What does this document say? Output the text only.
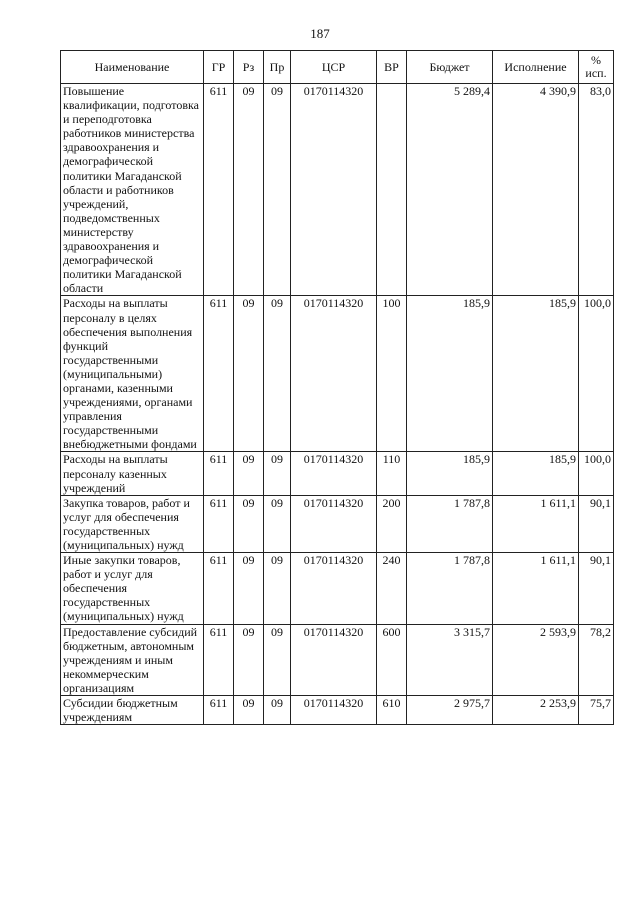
187
Наименование	ГР	Рз	Пр	ЦСР	ВР	Бюджет	Исполнение	%
исп.
Повышение квалификации, подготовка и переподготовка работников министерства здравоохранения и демографической политики Магаданской области и работников учреждений, подведомственных министерству здравоохранения и демографической политики Магаданской области	611	09	09	0170114320		5 289,4	4 390,9	83,0
Расходы на выплаты персоналу в целях обеспечения выполнения функций государственными (муниципальными) органами, казенными учреждениями, органами управления государственными внебюджетными фондами	611	09	09	0170114320	100	185,9	185,9	100,0
Расходы на выплаты персоналу казенных учреждений	611	09	09	0170114320	110	185,9	185,9	100,0
Закупка товаров, работ и услуг для обеспечения государственных (муниципальных) нужд	611	09	09	0170114320	200	1 787,8	1 611,1	90,1
Иные закупки товаров, работ и услуг для обеспечения государственных (муниципальных) нужд	611	09	09	0170114320	240	1 787,8	1 611,1	90,1
Предоставление субсидий бюджетным, автономным учреждениям и иным некоммерческим организациям	611	09	09	0170114320	600	3 315,7	2 593,9	78,2
Субсидии бюджетным учреждениям	611	09	09	0170114320	610	2 975,7	2 253,9	75,7
